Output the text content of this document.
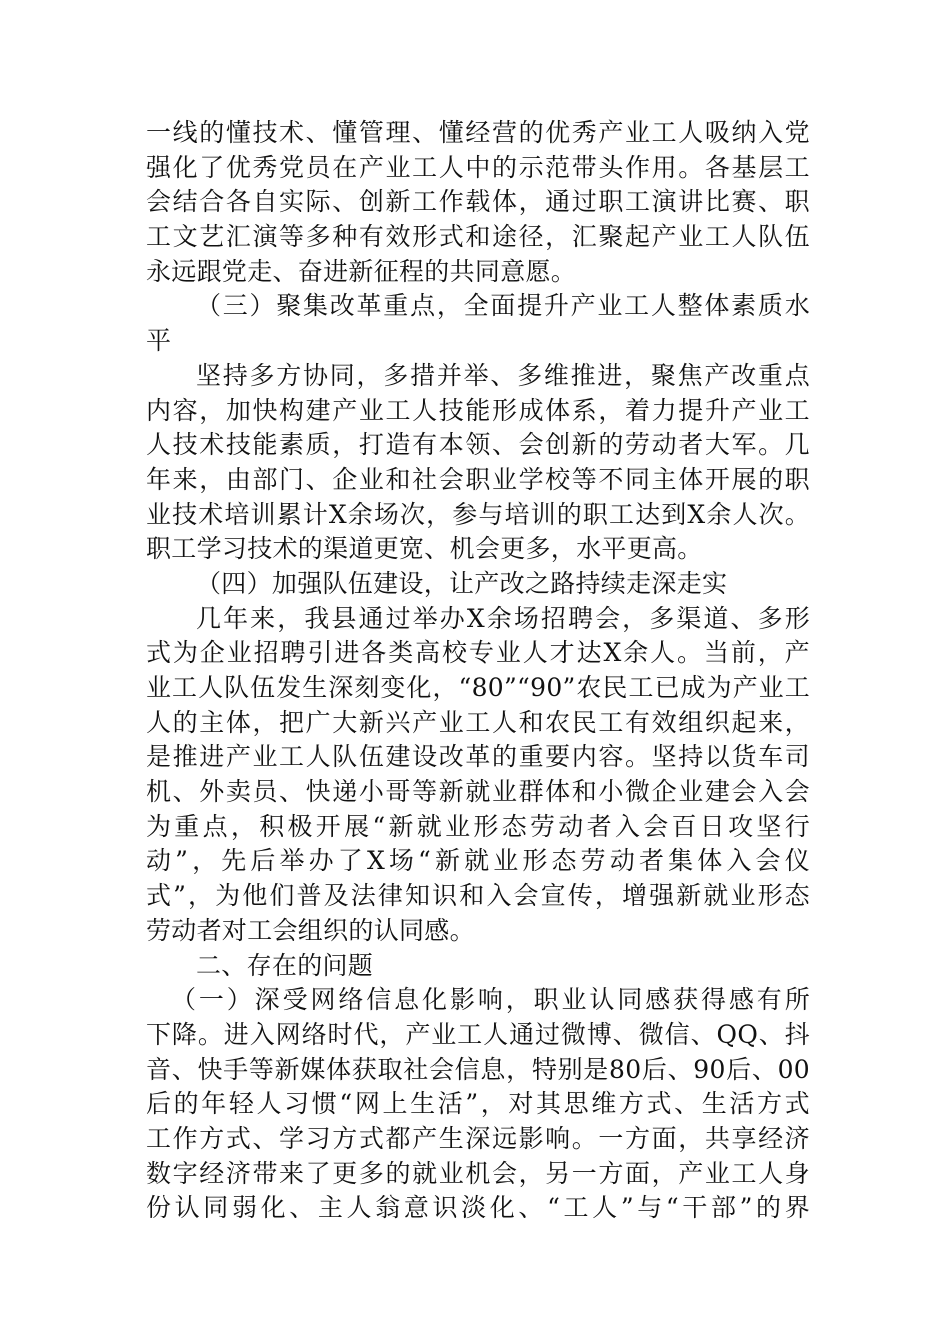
一线的懂技术、懂管理、懂经营的优秀产业工人吸纳入党
强化了优秀党员在产业工人中的示范带头作用。各基层工
会结合各自实际、创新工作载体，通过职工演讲比赛、职
工文艺汇演等多种有效形式和途径，汇聚起产业工人队伍
永远跟党走、奋进新征程的共同意愿。
（三）聚集改革重点，全面提升产业工人整体素质水
平
坚持多方协同，多措并举、多维推进，聚焦产改重点
内容，加快构建产业工人技能形成体系，着力提升产业工
人技术技能素质，打造有本领、会创新的劳动者大军。几
年来，由部门、企业和社会职业学校等不同主体开展的职
业技术培训累计X余场次，参与培训的职工达到X余人次。
职工学习技术的渠道更宽、机会更多，水平更高。
（四）加强队伍建设，让产改之路持续走深走实
几年来，我县通过举办X余场招聘会，多渠道、多形
式为企业招聘引进各类高校专业人才达X余人。当前，产
业工人队伍发生深刻变化，“80”“90”农民工已成为产业工
人的主体，把广大新兴产业工人和农民工有效组织起来，
是推进产业工人队伍建设改革的重要内容。坚持以货车司
机、外卖员、快递小哥等新就业群体和小微企业建会入会
为重点，积极开展“新就业形态劳动者入会百日攻坚行
动”，先后举办了X场“新就业形态劳动者集体入会仪
式”，为他们普及法律知识和入会宣传，增强新就业形态
劳动者对工会组织的认同感。
二、存在的问题
（一）深受网络信息化影响，职业认同感获得感有所
下降。进入网络时代，产业工人通过微博、微信、QQ、抖
音、快手等新媒体获取社会信息，特别是80后、90后、00
后的年轻人习惯“网上生活”，对其思维方式、生活方式
工作方式、学习方式都产生深远影响。一方面，共享经济
数字经济带来了更多的就业机会，另一方面，产业工人身
份认同弱化、主人翁意识淡化、“工人”与“干部”的界
